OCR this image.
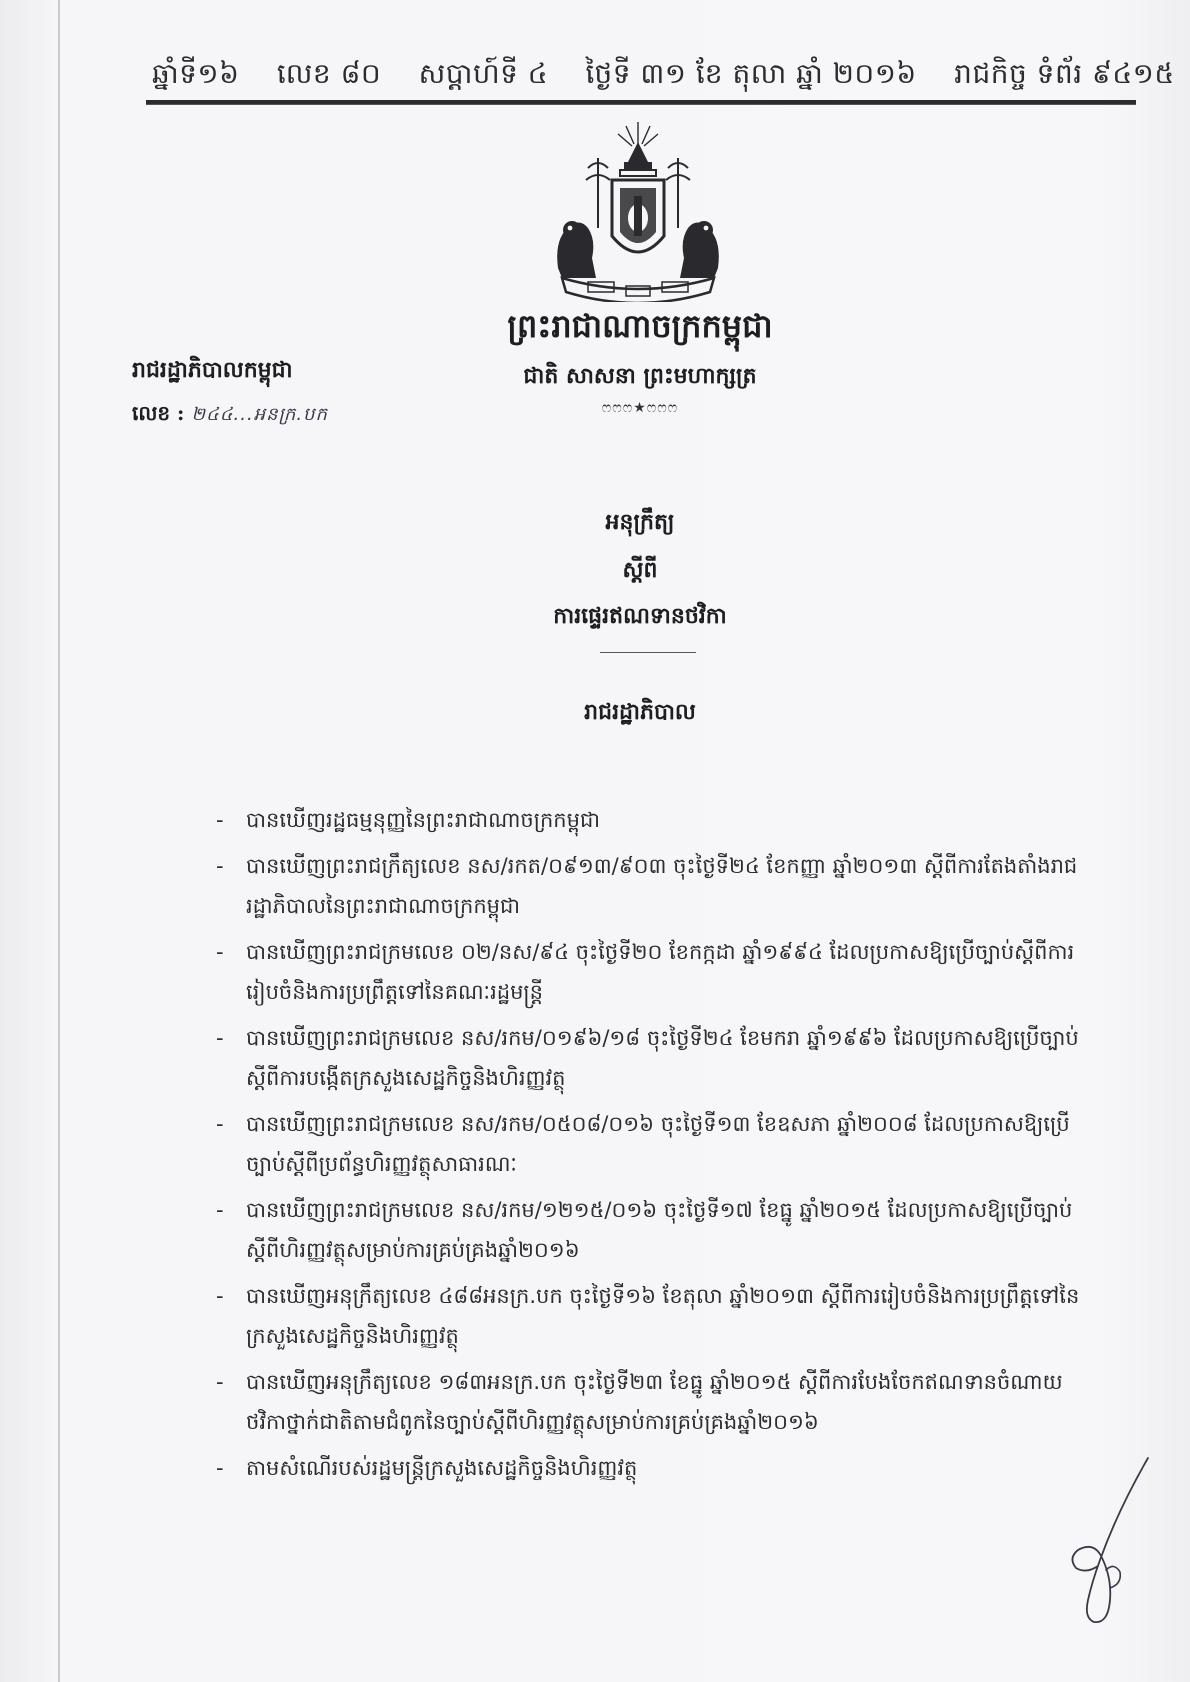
ឆ្នាំទី១៦ លេខ ៨០ សប្តាហ៍ទី ៤ ថ្ងៃទី ៣១ ខែ តុលា ឆ្នាំ ២០១៦ រាជកិច្ច ទំព័រ ៩៤១៥
ព្រះរាជាណាចក្រកម្ពុជា
ជាតិ សាសនា ព្រះមហាក្សត្រ
ෆෆෆ★ෆෆෆ
រាជរដ្ឋាភិបាលកម្ពុជា
លេខ : ២៤៤...អនក្រ.បក
អនុក្រឹត្យ
ស្តីពី
ការផ្ទេរឥណទានថវិកា
រាជរដ្ឋាភិបាល
- បានឃើញរដ្ឋធម្មនុញ្ញនៃព្រះរាជាណាចក្រកម្ពុជា
- បានឃើញព្រះរាជក្រឹត្យលេខ នស/រកត/០៩១៣/៩០៣ ចុះថ្ងៃទី២៤ ខែកញ្ញា ឆ្នាំ២០១៣ ស្តីពីការតែងតាំងរាជរដ្ឋាភិបាលនៃព្រះរាជាណាចក្រកម្ពុជា
- បានឃើញព្រះរាជក្រមលេខ ០២/នស/៩៤ ចុះថ្ងៃទី២០ ខែកក្កដា ឆ្នាំ១៩៩៤ ដែលប្រកាសឱ្យប្រើច្បាប់ស្តីពីការរៀបចំនិងការប្រព្រឹត្តទៅនៃគណៈរដ្ឋមន្ត្រី
- បានឃើញព្រះរាជក្រមលេខ នស/រកម/០១៩៦/១៨ ចុះថ្ងៃទី២៤ ខែមករា ឆ្នាំ១៩៩៦ ដែលប្រកាសឱ្យប្រើច្បាប់ស្តីពីការបង្កើតក្រសួងសេដ្ឋកិច្ចនិងហិរញ្ញវត្ថុ
- បានឃើញព្រះរាជក្រមលេខ នស/រកម/០៥០៨/០១៦ ចុះថ្ងៃទី១៣ ខែឧសភា ឆ្នាំ២០០៨ ដែលប្រកាសឱ្យប្រើច្បាប់ស្តីពីប្រព័ន្ធហិរញ្ញវត្ថុសាធារណៈ
- បានឃើញព្រះរាជក្រមលេខ នស/រកម/១២១៥/០១៦ ចុះថ្ងៃទី១៧ ខែធ្នូ ឆ្នាំ២០១៥ ដែលប្រកាសឱ្យប្រើច្បាប់ស្តីពីហិរញ្ញវត្ថុសម្រាប់ការគ្រប់គ្រងឆ្នាំ២០១៦
- បានឃើញអនុក្រឹត្យលេខ ៤៨៨អនក្រ.បក ចុះថ្ងៃទី១៦ ខែតុលា ឆ្នាំ២០១៣ ស្តីពីការរៀបចំនិងការប្រព្រឹត្តទៅនៃក្រសួងសេដ្ឋកិច្ចនិងហិរញ្ញវត្ថុ
- បានឃើញអនុក្រឹត្យលេខ ១៨៣អនក្រ.បក ចុះថ្ងៃទី២៣ ខែធ្នូ ឆ្នាំ២០១៥ ស្តីពីការបែងចែកឥណទានចំណាយថវិកាថ្នាក់ជាតិតាមជំពូកនៃច្បាប់ស្តីពីហិរញ្ញវត្ថុសម្រាប់ការគ្រប់គ្រងឆ្នាំ២០១៦
- តាមសំណើរបស់រដ្ឋមន្ត្រីក្រសួងសេដ្ឋកិច្ចនិងហិរញ្ញវត្ថុ
